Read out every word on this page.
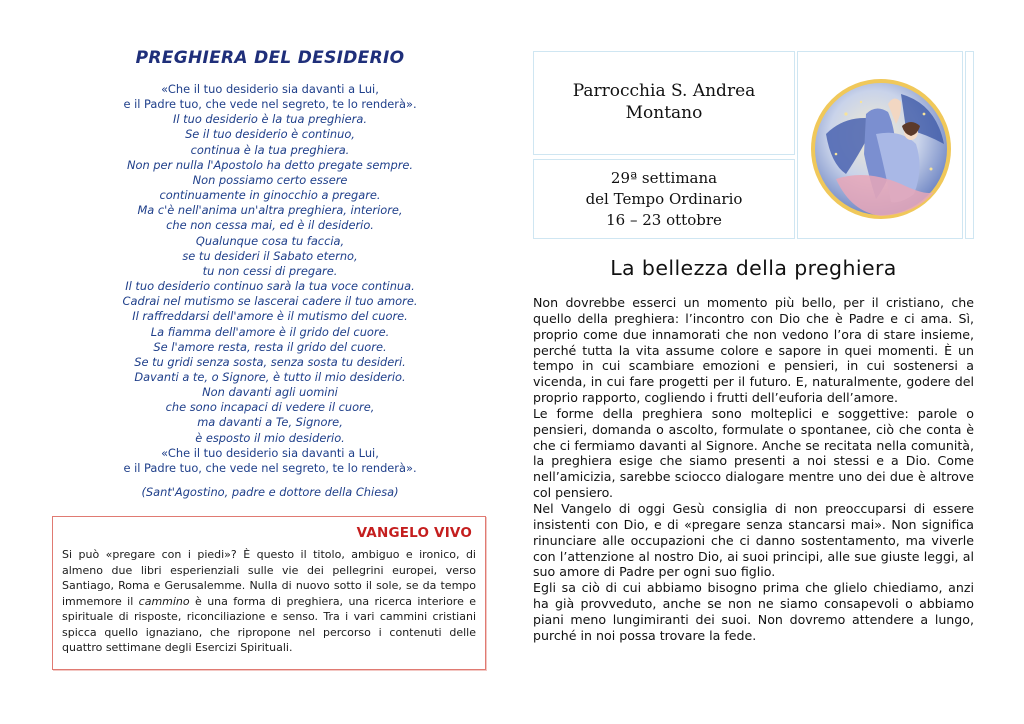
PREGHIERA DEL DESIDERIO
«Che il tuo desiderio sia davanti a Lui,
e il Padre tuo, che vede nel segreto, te lo renderà».
Il tuo desiderio è la tua preghiera.
Se il tuo desiderio è continuo,
continua è la tua preghiera.
Non per nulla l'Apostolo ha detto pregate sempre.
Non possiamo certo essere
continuamente in ginocchio a pregare.
Ma c'è nell'anima un'altra preghiera, interiore,
che non cessa mai, ed è il desiderio.
Qualunque cosa tu faccia,
se tu desideri il Sabato eterno,
tu non cessi di pregare.
Il tuo desiderio continuo sarà la tua voce continua.
Cadrai nel mutismo se lascerai cadere il tuo amore.
Il raffreddarsi dell'amore è il mutismo del cuore.
La fiamma dell'amore è il grido del cuore.
Se l'amore resta, resta il grido del cuore.
Se tu gridi senza sosta, senza sosta tu desideri.
Davanti a te, o Signore, è tutto il mio desiderio.
Non davanti agli uomini
che sono incapaci di vedere il cuore,
ma davanti a Te, Signore,
è esposto il mio desiderio.
«Che il tuo desiderio sia davanti a Lui,
e il Padre tuo, che vede nel segreto, te lo renderà».
(Sant'Agostino, padre e dottore della Chiesa)
VANGELO VIVO
Si può «pregare con i piedi»? È questo il titolo, ambiguo e ironico, di almeno due libri esperienziali sulle vie dei pellegrini europei, verso Santiago, Roma e Gerusalemme. Nulla di nuovo sotto il sole, se da tempo immemore il cammino è una forma di preghiera, una ricerca interiore e spirituale di risposte, riconciliazione e senso. Tra i vari cammini cristiani spicca quello ignaziano, che ripropone nel percorso i contenuti delle quattro settimane degli Esercizi Spirituali.
Parrocchia S. Andrea
Montano
29ª settimana
del Tempo Ordinario
16 – 23 ottobre
La bellezza della preghiera

Non dovrebbe esserci un momento più bello, per il cristiano, che quello della preghiera: l’incontro con Dio che è Padre e ci ama. Sì, proprio come due innamorati che non vedono l’ora di stare insieme, perché tutta la vita assume colore e sapore in quei momenti. È un tempo in cui scambiare emozioni e pensieri, in cui sostenersi a vicenda, in cui fare progetti per il futuro. E, naturalmente, godere del proprio rapporto, cogliendo i frutti dell’euforia dell’amore.

Le forme della preghiera sono molteplici e soggettive: parole o pensieri, domanda o ascolto, formulate o spontanee, ciò che conta è che ci fermiamo davanti al Signore. Anche se recitata nella comunità, la preghiera esige che siamo presenti a noi stessi e a Dio. Come nell’amicizia, sarebbe sciocco dialogare mentre uno dei due è altrove col pensiero.

Nel Vangelo di oggi Gesù consiglia di non preoccuparsi di essere insistenti con Dio, e di «pregare senza stancarsi mai». Non significa rinunciare alle occupazioni che ci danno sostentamento, ma viverle con l’attenzione al nostro Dio, ai suoi principi, alle sue giuste leggi, al suo amore di Padre per ogni suo figlio.

Egli sa ciò di cui abbiamo bisogno prima che glielo chiediamo, anzi ha già provveduto, anche se non ne siamo consapevoli o abbiamo piani meno lungimiranti dei suoi. Non dovremo attendere a lungo, purché in noi possa trovare la fede.
